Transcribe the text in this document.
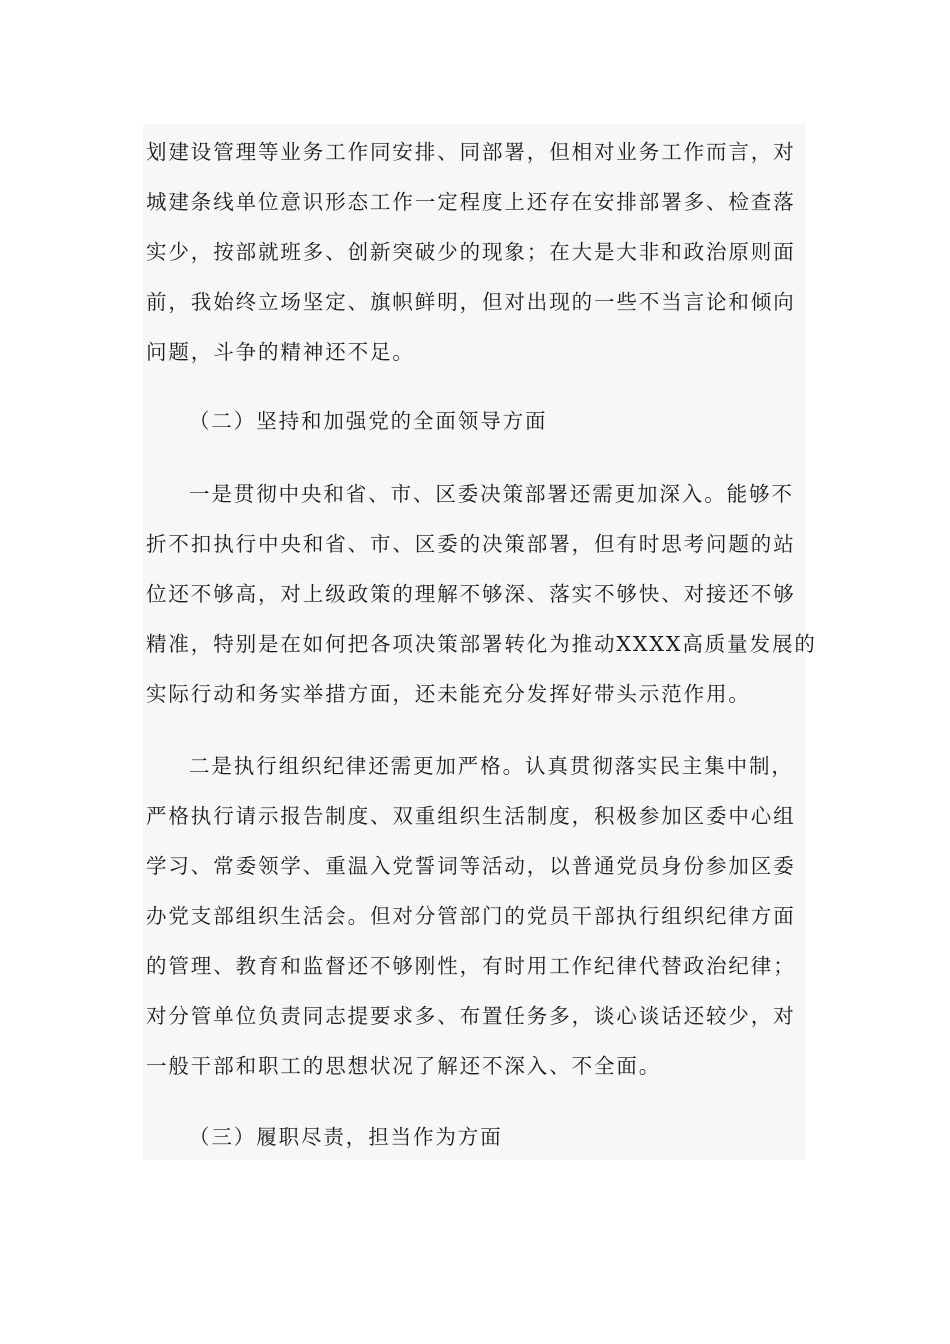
划建设管理等业务工作同安排、同部署，但相对业务工作而言，对
城建条线单位意识形态工作一定程度上还存在安排部署多、检查落
实少，按部就班多、创新突破少的现象；在大是大非和政治原则面
前，我始终立场坚定、旗帜鲜明，但对出现的一些不当言论和倾向
问题，斗争的精神还不足。
（二）坚持和加强党的全面领导方面
一是贯彻中央和省、市、区委决策部署还需更加深入。能够不
折不扣执行中央和省、市、区委的决策部署，但有时思考问题的站
位还不够高，对上级政策的理解不够深、落实不够快、对接还不够
精准，特别是在如何把各项决策部署转化为推动XXXX高质量发展的
实际行动和务实举措方面，还未能充分发挥好带头示范作用。
二是执行组织纪律还需更加严格。认真贯彻落实民主集中制，
严格执行请示报告制度、双重组织生活制度，积极参加区委中心组
学习、常委领学、重温入党誓词等活动，以普通党员身份参加区委
办党支部组织生活会。但对分管部门的党员干部执行组织纪律方面
的管理、教育和监督还不够刚性，有时用工作纪律代替政治纪律；
对分管单位负责同志提要求多、布置任务多，谈心谈话还较少，对
一般干部和职工的思想状况了解还不深入、不全面。
（三）履职尽责，担当作为方面
